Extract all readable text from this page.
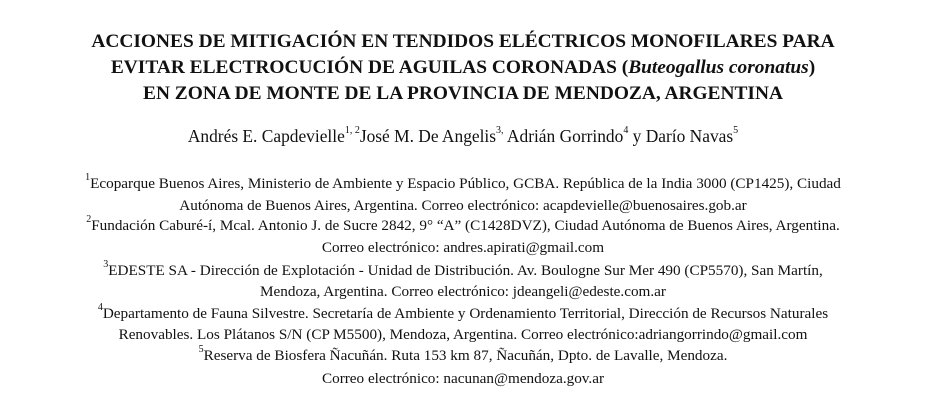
ACCIONES DE MITIGACIÓN EN TENDIDOS ELÉCTRICOS MONOFILARES PARA
EVITAR ELECTROCUCIÓN DE AGUILAS CORONADAS (Buteogallus coronatus)
EN ZONA DE MONTE DE LA PROVINCIA DE MENDOZA, ARGENTINA
Andrés E. Capdevielle$^{1, 2}$José M. De Angelis$^{3,}$ Adrián Gorrindo$^4$ y Darío Navas$^5$
$^1$Ecoparque Buenos Aires, Ministerio de Ambiente y Espacio Público, GCBA. República de la India 3000 (CP1425), Ciudad
Autónoma de Buenos Aires, Argentina. Correo electrónico: acapdevielle@buenosaires.gob.ar
$^2$Fundación Caburé-í, Mcal. Antonio J. de Sucre 2842, 9° “A” (C1428DVZ), Ciudad Autónoma de Buenos Aires, Argentina.
Correo electrónico: andres.apirati@gmail.com
$^3$EDESTE SA - Dirección de Explotación - Unidad de Distribución. Av. Boulogne Sur Mer 490 (CP5570), San Martín,
Mendoza, Argentina. Correo electrónico: jdeangeli@edeste.com.ar
$^4$Departamento de Fauna Silvestre. Secretaría de Ambiente y Ordenamiento Territorial, Dirección de Recursos Naturales
Renovables. Los Plátanos S/N (CP M5500), Mendoza, Argentina. Correo electrónico:adriangorrindo@gmail.com
$^5$Reserva de Biosfera Ñacuñán. Ruta 153 km 87, Ñacuñán, Dpto. de Lavalle, Mendoza.
Correo electrónico: nacunan@mendoza.gov.ar
